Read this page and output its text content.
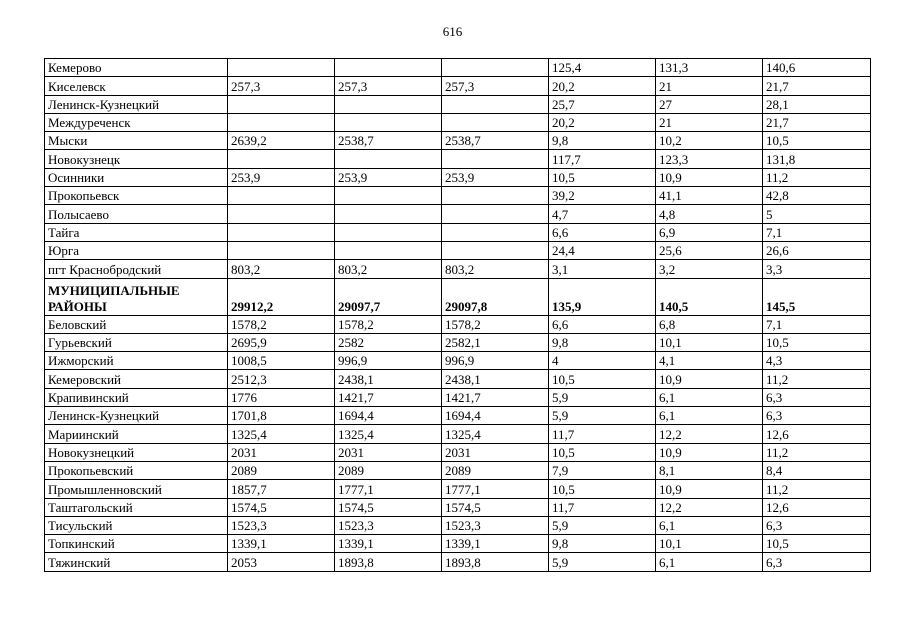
616
Кемерово				125,4	131,3	140,6
Киселевск	257,3	257,3	257,3	20,2	21	21,7
Ленинск-Кузнецкий				25,7	27	28,1
Междуреченск				20,2	21	21,7
Мыски	2639,2	2538,7	2538,7	9,8	10,2	10,5
Новокузнецк				117,7	123,3	131,8
Осинники	253,9	253,9	253,9	10,5	10,9	11,2
Прокопьевск				39,2	41,1	42,8
Полысаево				4,7	4,8	5
Тайга				6,6	6,9	7,1
Юрга				24,4	25,6	26,6
пгт Краснобродский	803,2	803,2	803,2	3,1	3,2	3,3
МУНИЦИПАЛЬНЫЕ РАЙОНЫ	29912,2	29097,7	29097,8	135,9	140,5	145,5
Беловский	1578,2	1578,2	1578,2	6,6	6,8	7,1
Гурьевский	2695,9	2582	2582,1	9,8	10,1	10,5
Ижморский	1008,5	996,9	996,9	4	4,1	4,3
Кемеровский	2512,3	2438,1	2438,1	10,5	10,9	11,2
Крапивинский	1776	1421,7	1421,7	5,9	6,1	6,3
Ленинск-Кузнецкий	1701,8	1694,4	1694,4	5,9	6,1	6,3
Мариинский	1325,4	1325,4	1325,4	11,7	12,2	12,6
Новокузнецкий	2031	2031	2031	10,5	10,9	11,2
Прокопьевский	2089	2089	2089	7,9	8,1	8,4
Промышленновский	1857,7	1777,1	1777,1	10,5	10,9	11,2
Таштагольский	1574,5	1574,5	1574,5	11,7	12,2	12,6
Тисульский	1523,3	1523,3	1523,3	5,9	6,1	6,3
Топкинский	1339,1	1339,1	1339,1	9,8	10,1	10,5
Тяжинский	2053	1893,8	1893,8	5,9	6,1	6,3
